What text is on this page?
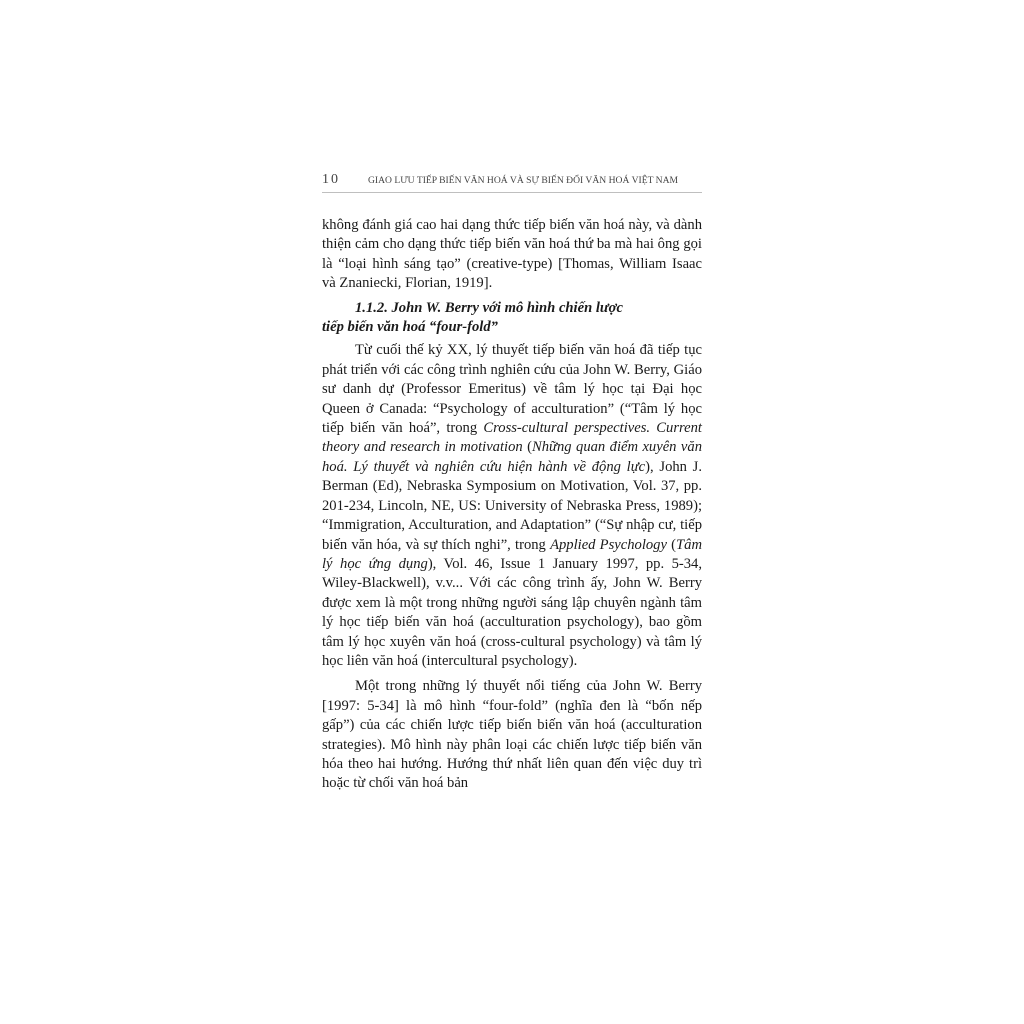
10	GIAO LƯU TIẾP BIẾN VĂN HOÁ VÀ SỰ BIẾN ĐỔI VĂN HOÁ VIỆT NAM

không đánh giá cao hai dạng thức tiếp biến văn hoá này, và dành thiện cảm cho dạng thức tiếp biến văn hoá thứ ba mà hai ông gọi là “loại hình sáng tạo” (creative-type) [Thomas, William Isaac và Znaniecki, Florian, 1919].

1.1.2. John W. Berry với mô hình chiến lược
tiếp biến văn hoá “four-fold”

Từ cuối thế kỷ XX, lý thuyết tiếp biến văn hoá đã tiếp tục phát triển với các công trình nghiên cứu của John W. Berry, Giáo sư danh dự (Professor Emeritus) về tâm lý học tại Đại học Queen ở Canada: “Psychology of acculturation” (“Tâm lý học tiếp biến văn hoá”, trong Cross-cultural perspectives. Current theory and research in motivation (Những quan điểm xuyên văn hoá. Lý thuyết và nghiên cứu hiện hành về động lực), John J. Berman (Ed), Nebraska Symposium on Motivation, Vol. 37, pp. 201-234, Lincoln, NE, US: University of Nebraska Press, 1989); “Immigration, Acculturation, and Adaptation” (“Sự nhập cư, tiếp biến văn hóa, và sự thích nghi”, trong Applied Psychology (Tâm lý học ứng dụng), Vol. 46, Issue 1 January 1997, pp. 5-34, Wiley-Blackwell), v.v... Với các công trình ấy, John W. Berry được xem là một trong những người sáng lập chuyên ngành tâm lý học tiếp biến văn hoá (acculturation psychology), bao gồm tâm lý học xuyên văn hoá (cross-cultural psychology) và tâm lý học liên văn hoá (intercultural psychology).

Một trong những lý thuyết nổi tiếng của John W. Berry [1997: 5-34] là mô hình “four-fold” (nghĩa đen là “bốn nếp gấp”) của các chiến lược tiếp biến biến văn hoá (acculturation strategies). Mô hình này phân loại các chiến lược tiếp biến văn hóa theo hai hướng. Hướng thứ nhất liên quan đến việc duy trì hoặc từ chối văn hoá bản
